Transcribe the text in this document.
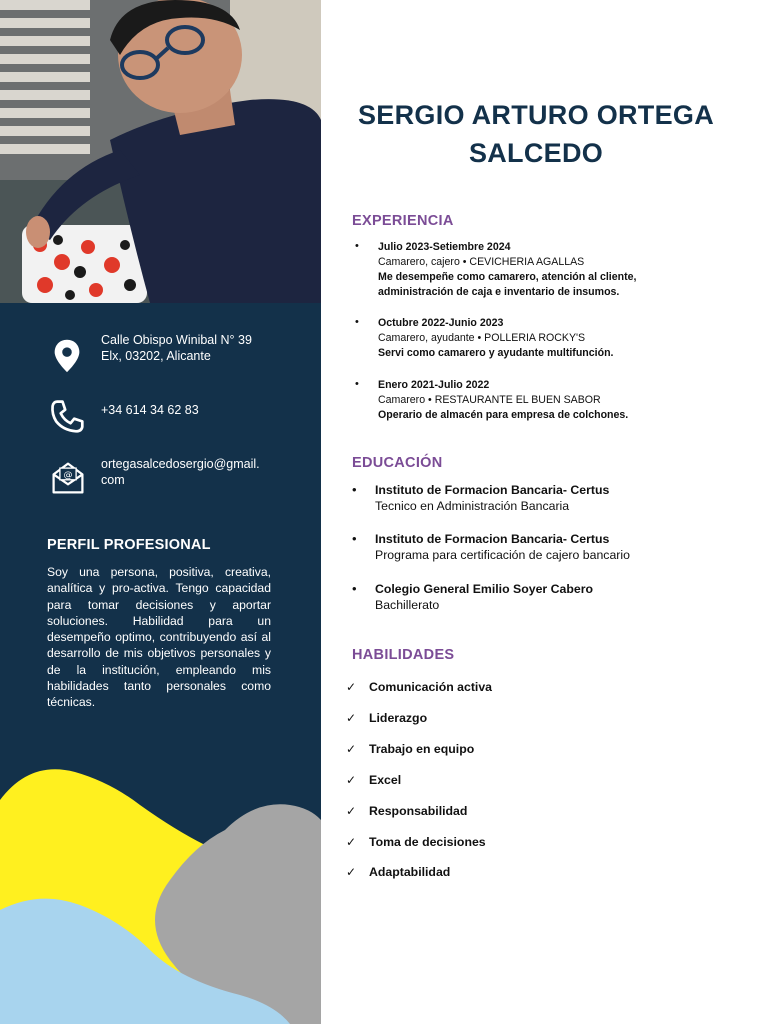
Calle Obispo Winibal N° 39
Elx, 03202, Alicante
+34 614 34 62 83
@
ortegasalcedosergio@gmail.
com
PERFIL PROFESIONAL
Soy una persona, positiva, creativa, analítica y pro-activa. Tengo capacidad para tomar decisiones y aportar soluciones. Habilidad para un desempeño optimo, contribuyendo así al desarrollo de mis objetivos personales y de la institución, empleando mis habilidades tanto personales como técnicas.
SERGIO ARTURO ORTEGA
SALCEDO
EXPERIENCIA
• Julio 2023-Setiembre 2024
Camarero, cajero • CEVICHERIA AGALLAS
Me desempeñe como camarero, atención al cliente,
administración de caja e inventario de insumos.
• Octubre 2022-Junio 2023
Camarero, ayudante • POLLERIA ROCKY'S
Servi como camarero y ayudante multifunción.
• Enero 2021-Julio 2022
Camarero • RESTAURANTE EL BUEN SABOR
Operario de almacén para empresa de colchones.
EDUCACIÓN
• Instituto de Formacion Bancaria- Certus
Tecnico en Administración Bancaria
• Instituto de Formacion Bancaria- Certus
Programa para certificación de cajero bancario
• Colegio General Emilio Soyer Cabero
Bachillerato
HABILIDADES
✓ Comunicación activa
✓ Liderazgo
✓ Trabajo en equipo
✓ Excel
✓ Responsabilidad
✓ Toma de decisiones
✓ Adaptabilidad
